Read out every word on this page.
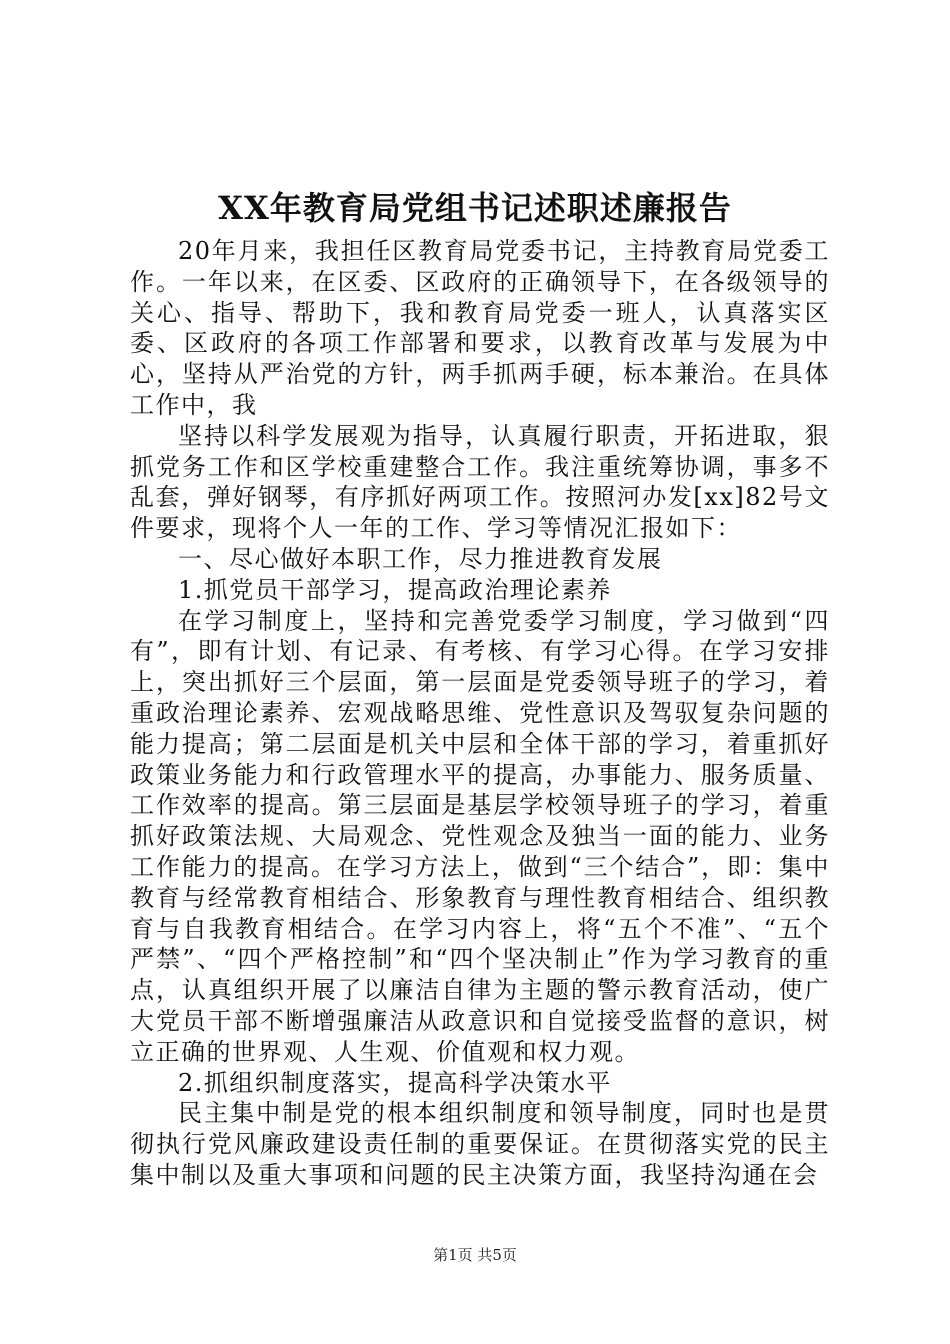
XX年教育局党组书记述职述廉报告

20年月来，我担任区教育局党委书记，主持教育局党委工作。一年以来，在区委、区政府的正确领导下，在各级领导的关心、指导、帮助下，我和教育局党委一班人，认真落实区委、区政府的各项工作部署和要求，以教育改革与发展为中心，坚持从严治党的方针，两手抓两手硬，标本兼治。在具体工作中，我

坚持以科学发展观为指导，认真履行职责，开拓进取，狠抓党务工作和区学校重建整合工作。我注重统筹协调，事多不乱套，弹好钢琴，有序抓好两项工作。按照河办发[xx]82号文件要求，现将个人一年的工作、学习等情况汇报如下：

一、尽心做好本职工作，尽力推进教育发展

1.抓党员干部学习，提高政治理论素养

在学习制度上，坚持和完善党委学习制度，学习做到“四有”，即有计划、有记录、有考核、有学习心得。在学习安排上，突出抓好三个层面，第一层面是党委领导班子的学习，着重政治理论素养、宏观战略思维、党性意识及驾驭复杂问题的能力提高；第二层面是机关中层和全体干部的学习，着重抓好政策业务能力和行政管理水平的提高，办事能力、服务质量、工作效率的提高。第三层面是基层学校领导班子的学习，着重抓好政策法规、大局观念、党性观念及独当一面的能力、业务工作能力的提高。在学习方法上，做到“三个结合”，即：集中教育与经常教育相结合、形象教育与理性教育相结合、组织教育与自我教育相结合。在学习内容上，将“五个不准”、“五个严禁”、“四个严格控制”和“四个坚决制止”作为学习教育的重点，认真组织开展了以廉洁自律为主题的警示教育活动，使广大党员干部不断增强廉洁从政意识和自觉接受监督的意识，树立正确的世界观、人生观、价值观和权力观。

2.抓组织制度落实，提高科学决策水平

民主集中制是党的根本组织制度和领导制度，同时也是贯彻执行党风廉政建设责任制的重要保证。在贯彻落实党的民主集中制以及重大事项和问题的民主决策方面，我坚持沟通在会

第1页 共5页
